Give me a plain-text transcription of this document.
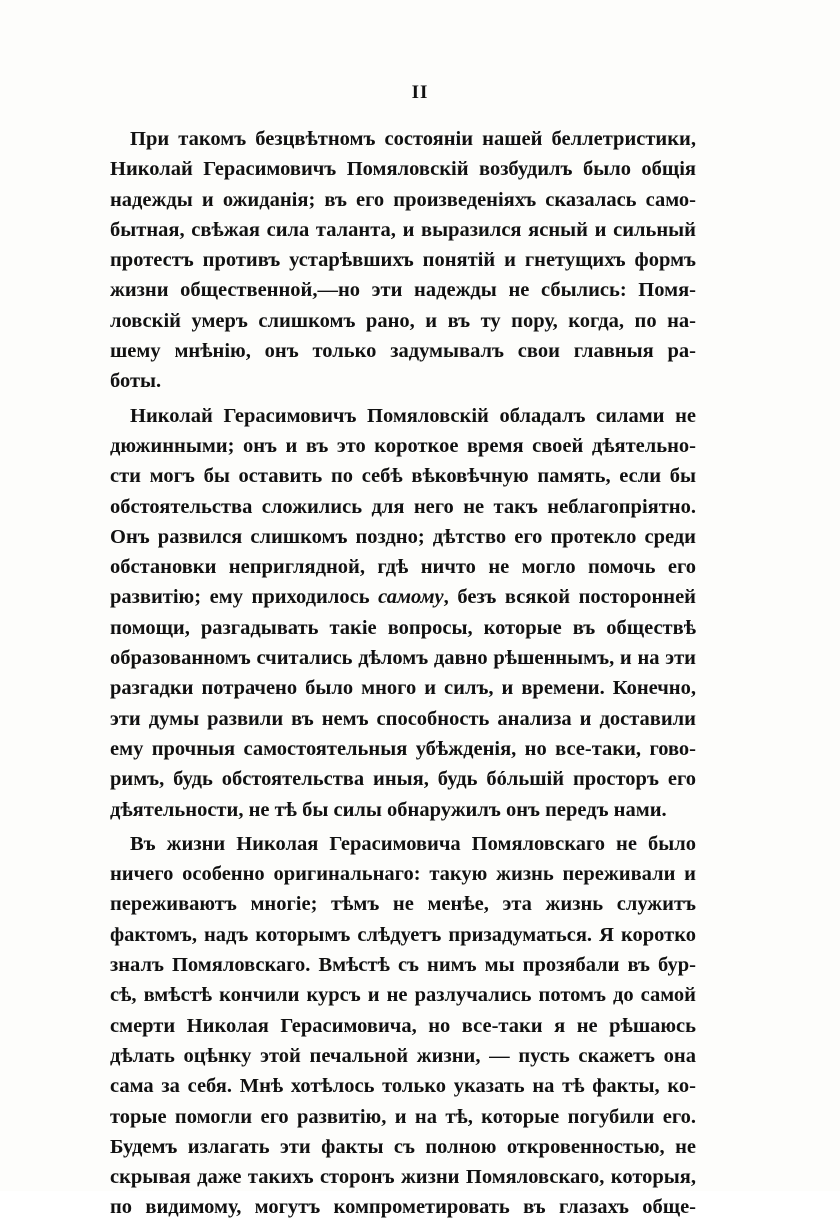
II
При такомъ безцвѣтномъ состояніи нашей беллетристики,
Николай Герасимовичъ Помяловскій возбудилъ было общія
надежды и ожиданія; въ его произведеніяхъ сказалась само-
бытная, свѣжая сила таланта, и выразился ясный и сильный
протестъ противъ устарѣвшихъ понятій и гнетущихъ формъ
жизни общественной,—но эти надежды не сбылись: Помя-
ловскій умеръ слишкомъ рано, и въ ту пору, когда, по на-
шему мнѣнію, онъ только задумывалъ свои главныя ра-
боты.
Николай Герасимовичъ Помяловскій обладалъ силами не
дюжинными; онъ и въ это короткое время своей дѣятельно-
сти могъ бы оставить по себѣ вѣковѣчную память, если бы
обстоятельства сложились для него не такъ неблагопріятно.
Онъ развился слишкомъ поздно; дѣтство его протекло среди
обстановки неприглядной, гдѣ ничто не могло помочь его
развитію; ему приходилось самому, безъ всякой посторонней
помощи, разгадывать такіе вопросы, которые въ обществѣ
образованномъ считались дѣломъ давно рѣшеннымъ, и на эти
разгадки потрачено было много и силъ, и времени. Конечно,
эти думы развили въ немъ способность анализа и доставили
ему прочныя самостоятельныя убѣжденія, но все-таки, гово-
римъ, будь обстоятельства иныя, будь бóльшій просторъ его
дѣятельности, не тѣ бы силы обнаружилъ онъ передъ нами.
Въ жизни Николая Герасимовича Помяловскаго не было
ничего особенно оригинальнаго: такую жизнь переживали и
переживаютъ многіе; тѣмъ не менѣе, эта жизнь служитъ
фактомъ, надъ которымъ слѣдуетъ призадуматься. Я коротко
зналъ Помяловскаго. Вмѣстѣ съ нимъ мы прозябали въ бур-
сѣ, вмѣстѣ кончили курсъ и не разлучались потомъ до самой
смерти Николая Герасимовича, но все-таки я не рѣшаюсь
дѣлать оцѣнку этой печальной жизни, — пусть скажетъ она
сама за себя. Мнѣ хотѣлось только указать на тѣ факты, ко-
торые помогли его развитію, и на тѣ, которые погубили его.
Будемъ излагать эти факты съ полною откровенностью, не
скрывая даже такихъ сторонъ жизни Помяловскаго, которыя,
по видимому, могутъ компрометировать въ глазахъ обще-
